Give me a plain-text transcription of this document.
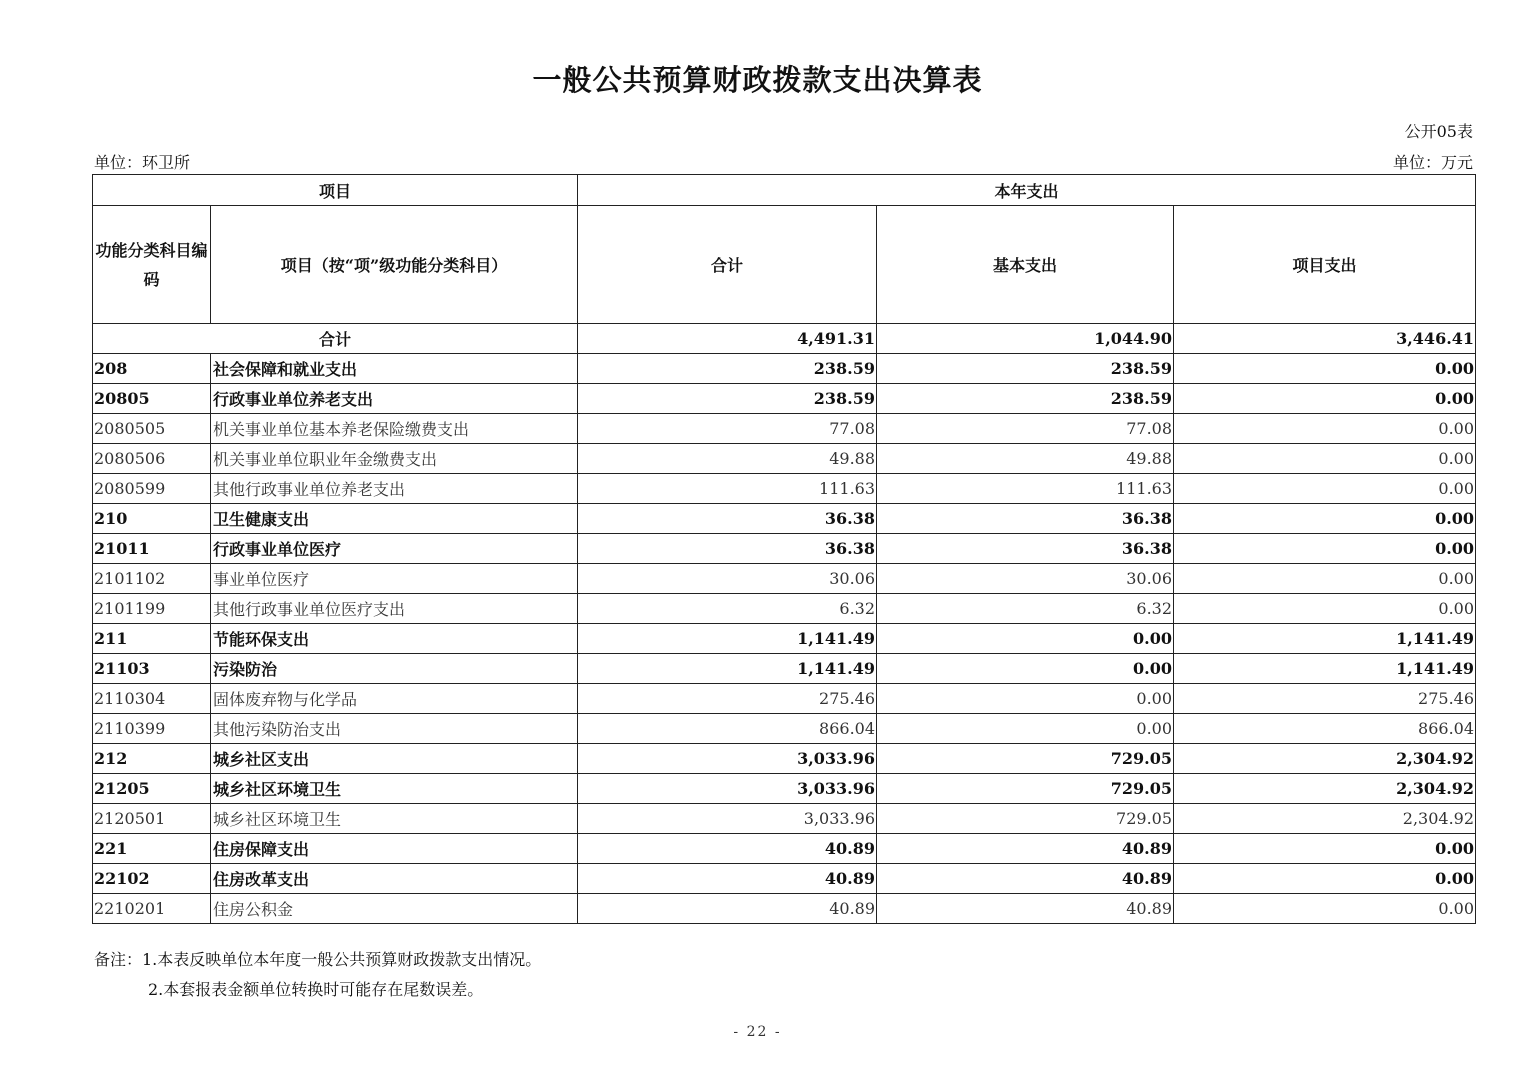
一般公共预算财政拨款支出决算表
公开05表
单位：环卫所	单位：万元
项目		本年支出		
功能分类科目编码	项目（按“项”级功能分类科目）	合计	基本支出	项目支出
合计		4,491.31	1,044.90	3,446.41
208	社会保障和就业支出	238.59	238.59	0.00
20805	行政事业单位养老支出	238.59	238.59	0.00
2080505	机关事业单位基本养老保险缴费支出	77.08	77.08	0.00
2080506	机关事业单位职业年金缴费支出	49.88	49.88	0.00
2080599	其他行政事业单位养老支出	111.63	111.63	0.00
210	卫生健康支出	36.38	36.38	0.00
21011	行政事业单位医疗	36.38	36.38	0.00
2101102	事业单位医疗	30.06	30.06	0.00
2101199	其他行政事业单位医疗支出	6.32	6.32	0.00
211	节能环保支出	1,141.49	0.00	1,141.49
21103	污染防治	1,141.49	0.00	1,141.49
2110304	固体废弃物与化学品	275.46	0.00	275.46
2110399	其他污染防治支出	866.04	0.00	866.04
212	城乡社区支出	3,033.96	729.05	2,304.92
21205	城乡社区环境卫生	3,033.96	729.05	2,304.92
2120501	城乡社区环境卫生	3,033.96	729.05	2,304.92
221	住房保障支出	40.89	40.89	0.00
22102	住房改革支出	40.89	40.89	0.00
2210201	住房公积金	40.89	40.89	0.00
备注：1.本表反映单位本年度一般公共预算财政拨款支出情况。
2.本套报表金额单位转换时可能存在尾数误差。
- 22 -
